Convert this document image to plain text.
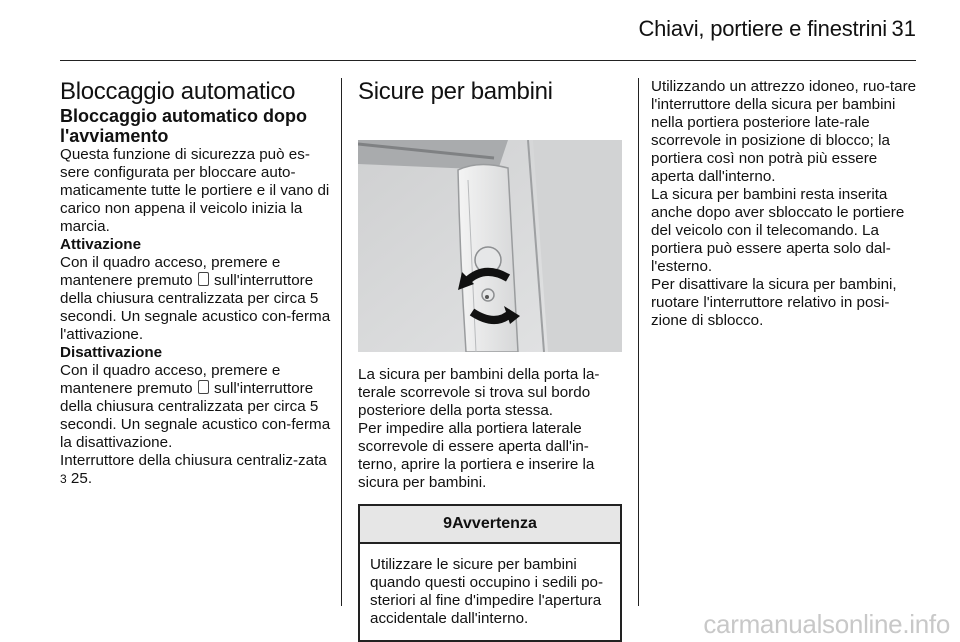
Chiavi, portiere e finestrini 31

Bloccaggio automatico

Bloccaggio automatico dopo l'avviamento

Questa funzione di sicurezza può es-sere configurata per bloccare auto-maticamente tutte le portiere e il vano di carico non appena il veicolo inizia la marcia.

Attivazione

Con il quadro acceso, premere e mantenere premuto sull'interruttore della chiusura centralizzata per circa 5 secondi. Un segnale acustico con-ferma l'attivazione.

Disattivazione

Con il quadro acceso, premere e mantenere premuto sull'interruttore della chiusura centralizzata per circa 5 secondi. Un segnale acustico con-ferma la disattivazione.

Interruttore della chiusura centraliz-zata 3 25.

Sicure per bambini

La sicura per bambini della porta la-terale scorrevole si trova sul bordo posteriore della porta stessa.

Per impedire alla portiera laterale scorrevole di essere aperta dall'in-terno, aprire la portiera e inserire la sicura per bambini.

9Avvertenza
Utilizzare le sicure per bambini quando questi occupino i sedili po-steriori al fine d'impedire l'apertura accidentale dall'interno.

Utilizzando un attrezzo idoneo, ruo-tare l'interruttore della sicura per bambini nella portiera posteriore late-rale scorrevole in posizione di blocco; la portiera così non potrà più essere aperta dall'interno.

La sicura per bambini resta inserita anche dopo aver sbloccato le portiere del veicolo con il telecomando. La portiera può essere aperta solo dal-l'esterno.

Per disattivare la sicura per bambini, ruotare l'interruttore relativo in posi-zione di sblocco.

carmanualsonline.info
